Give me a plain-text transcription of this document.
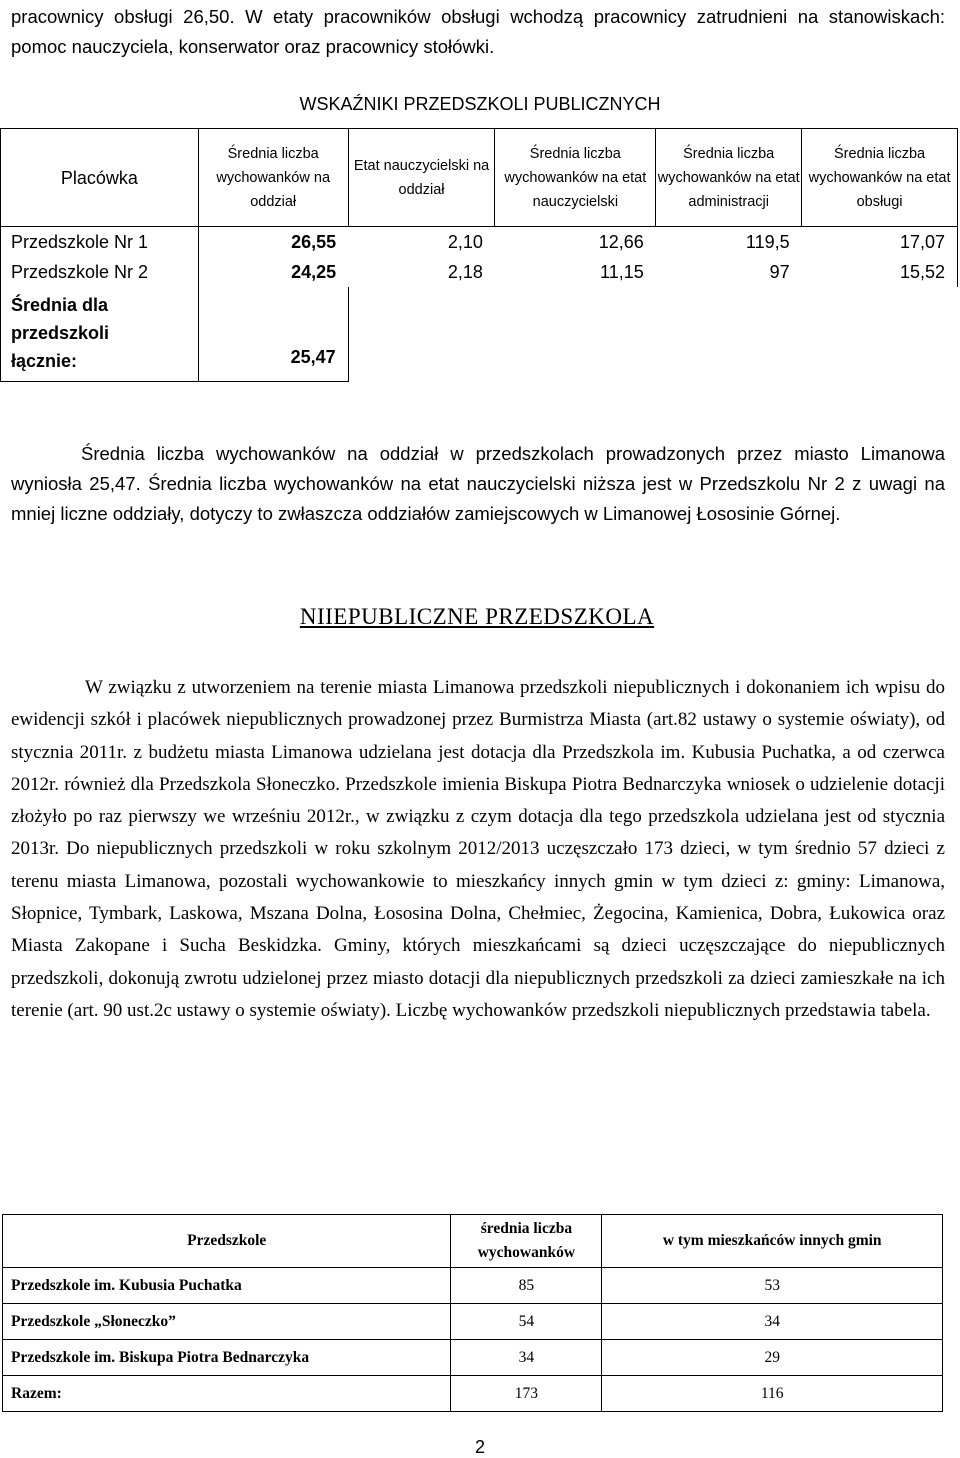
pracownicy obsługi 26,50. W etaty pracowników obsługi wchodzą pracownicy zatrudnieni na stanowiskach: pomoc nauczyciela, konserwator oraz pracownicy stołówki.
WSKAŹNIKI PRZEDSZKOLI PUBLICZNYCH
Placówka	Średnia liczba wychowanków na oddział	Etat nauczycielski na oddział	Średnia liczba wychowanków na etat nauczycielski	Średnia liczba wychowanków na etat administracji	Średnia liczba wychowanków na etat obsługi
Przedszkole Nr 1	26,55	2,10	12,66	119,5	17,07
Przedszkole Nr 2	24,25	2,18	11,15	97	15,52
Średnia dla
przedszkoli
łącznie:	25,47				
Średnia liczba wychowanków na oddział w przedszkolach prowadzonych przez miasto Limanowa wyniosła 25,47. Średnia liczba wychowanków na etat nauczycielski niższa jest w Przedszkolu Nr 2 z uwagi na mniej liczne oddziały, dotyczy to zwłaszcza oddziałów zamiejscowych w Limanowej Łososinie Górnej.
NIIEPUBLICZNE PRZEDSZKOLA
W związku z utworzeniem na terenie miasta Limanowa przedszkoli niepublicznych i dokonaniem ich wpisu do ewidencji szkół i placówek niepublicznych prowadzonej przez Burmistrza Miasta (art.82 ustawy o systemie oświaty), od stycznia 2011r. z budżetu miasta Limanowa udzielana jest dotacja dla Przedszkola im. Kubusia Puchatka, a od czerwca 2012r. również dla Przedszkola Słoneczko. Przedszkole imienia Biskupa Piotra Bednarczyka wniosek o udzielenie dotacji złożyło po raz pierwszy we wrześniu 2012r., w związku z czym dotacja dla tego przedszkola udzielana jest od stycznia 2013r. Do niepublicznych przedszkoli w roku szkolnym 2012/2013 uczęszczało 173 dzieci, w tym średnio 57 dzieci z terenu miasta Limanowa, pozostali wychowankowie to mieszkańcy innych gmin w tym dzieci z: gminy: Limanowa, Słopnice, Tymbark, Laskowa, Mszana Dolna, Łososina Dolna, Chełmiec, Żegocina, Kamienica, Dobra, Łukowica oraz Miasta Zakopane i Sucha Beskidzka. Gminy, których mieszkańcami są dzieci uczęszczające do niepublicznych przedszkoli, dokonują zwrotu udzielonej przez miasto dotacji dla niepublicznych przedszkoli za dzieci zamieszkałe na ich terenie (art. 90 ust.2c ustawy o systemie oświaty). Liczbę wychowanków przedszkoli niepublicznych przedstawia tabela.
Przedszkole	średnia liczba wychowanków	w tym mieszkańców innych gmin
Przedszkole im. Kubusia Puchatka	85	53
Przedszkole „Słoneczko”	54	34
Przedszkole im. Biskupa Piotra Bednarczyka	34	29
Razem:	173	116
2
